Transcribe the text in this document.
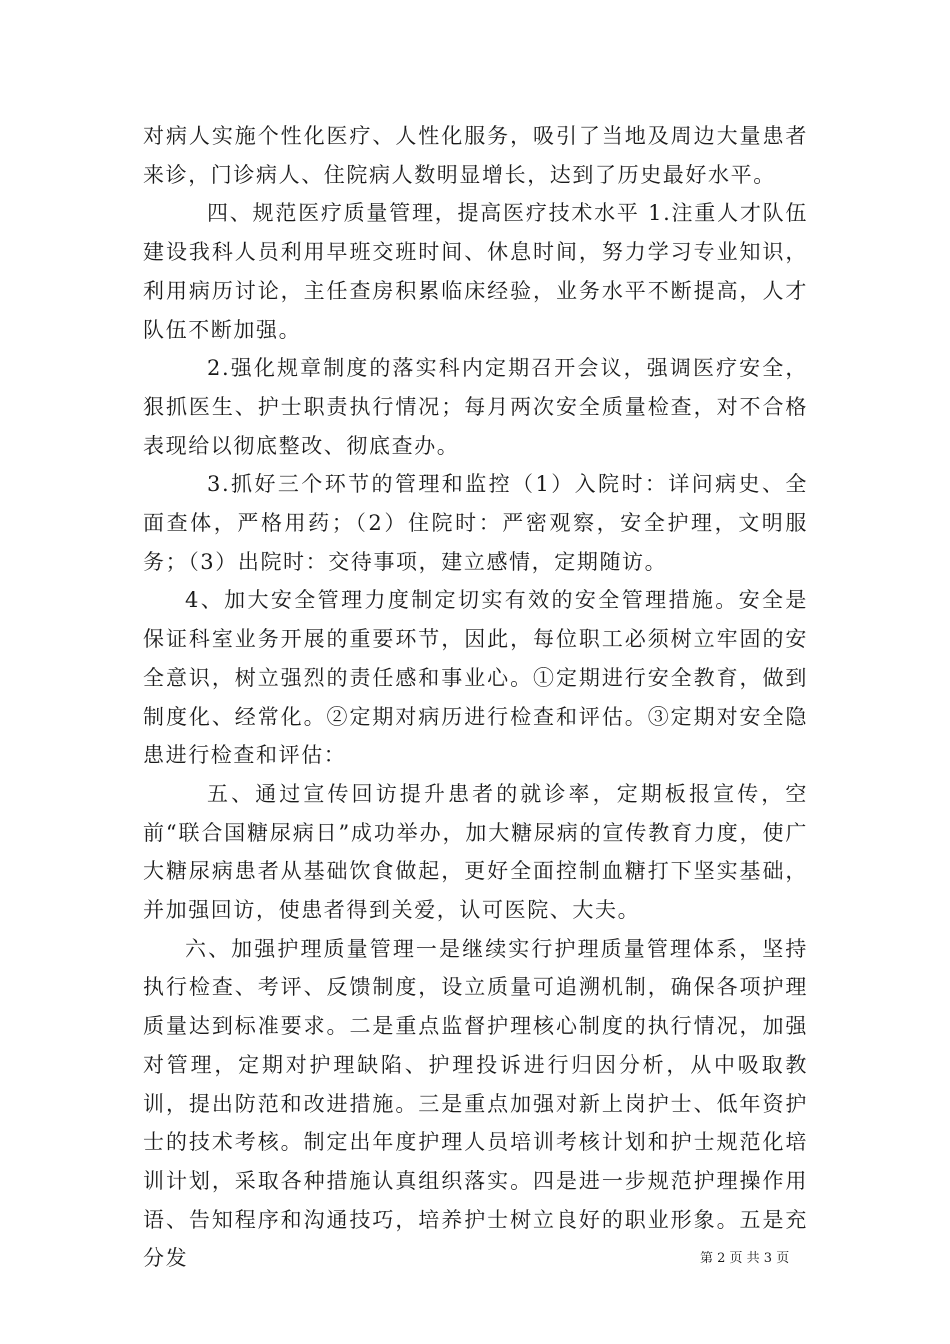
对病人实施个性化医疗、人性化服务，吸引了当地及周边大量患者来诊，门诊病人、住院病人数明显增长，达到了历史最好水平。

四、规范医疗质量管理，提高医疗技术水平 1.注重人才队伍建设我科人员利用早班交班时间、休息时间，努力学习专业知识，利用病历讨论，主任查房积累临床经验，业务水平不断提高，人才队伍不断加强。

2.强化规章制度的落实科内定期召开会议，强调医疗安全，狠抓医生、护士职责执行情况；每月两次安全质量检查，对不合格表现给以彻底整改、彻底查办。

3.抓好三个环节的管理和监控（1）入院时：详问病史、全面查体，严格用药；（2）住院时：严密观察，安全护理，文明服务；（3）出院时：交待事项，建立感情，定期随访。

4、加大安全管理力度制定切实有效的安全管理措施。安全是保证科室业务开展的重要环节，因此，每位职工必须树立牢固的安全意识，树立强烈的责任感和事业心。①定期进行安全教育，做到制度化、经常化。②定期对病历进行检查和评估。③定期对安全隐患进行检查和评估：

五、通过宣传回访提升患者的就诊率，定期板报宣传，空前“联合国糖尿病日”成功举办，加大糖尿病的宣传教育力度，使广大糖尿病患者从基础饮食做起，更好全面控制血糖打下坚实基础，并加强回访，使患者得到关爱，认可医院、大夫。

六、加强护理质量管理一是继续实行护理质量管理体系，坚持执行检查、考评、反馈制度，设立质量可追溯机制，确保各项护理质量达到标准要求。二是重点监督护理核心制度的执行情况，加强对管理，定期对护理缺陷、护理投诉进行归因分析，从中吸取教训，提出防范和改进措施。三是重点加强对新上岗护士、低年资护士的技术考核。制定出年度护理人员培训考核计划和护士规范化培训计划，采取各种措施认真组织落实。四是进一步规范护理操作用语、告知程序和沟通技巧，培养护士树立良好的职业形象。五是充分发	第 2 页 共 3 页
